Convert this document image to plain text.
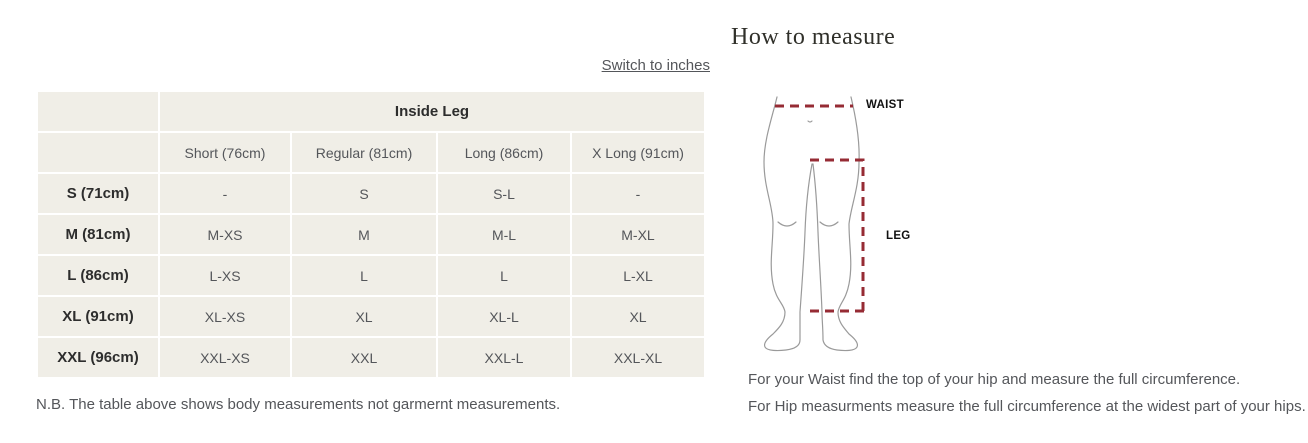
Switch to inches
	Inside Leg			
	Short (76cm)	Regular (81cm)	Long (86cm)	X Long (91cm)
S (71cm)	-	S	S-L	-
M (81cm)	M-XS	M	M-L	M-XL
L (86cm)	L-XS	L	L	L-XL
XL (91cm)	XL-XS	XL	XL-L	XL
XXL (96cm)	XXL-XS	XXL	XXL-L	XXL-XL

N.B. The table above shows body measurements not garmernt measurements.

How to measure
WAIST
LEG

For your Waist find the top of your hip and measure the full circumference.

For Hip measurments measure the full circumference at the widest part of your hips.
